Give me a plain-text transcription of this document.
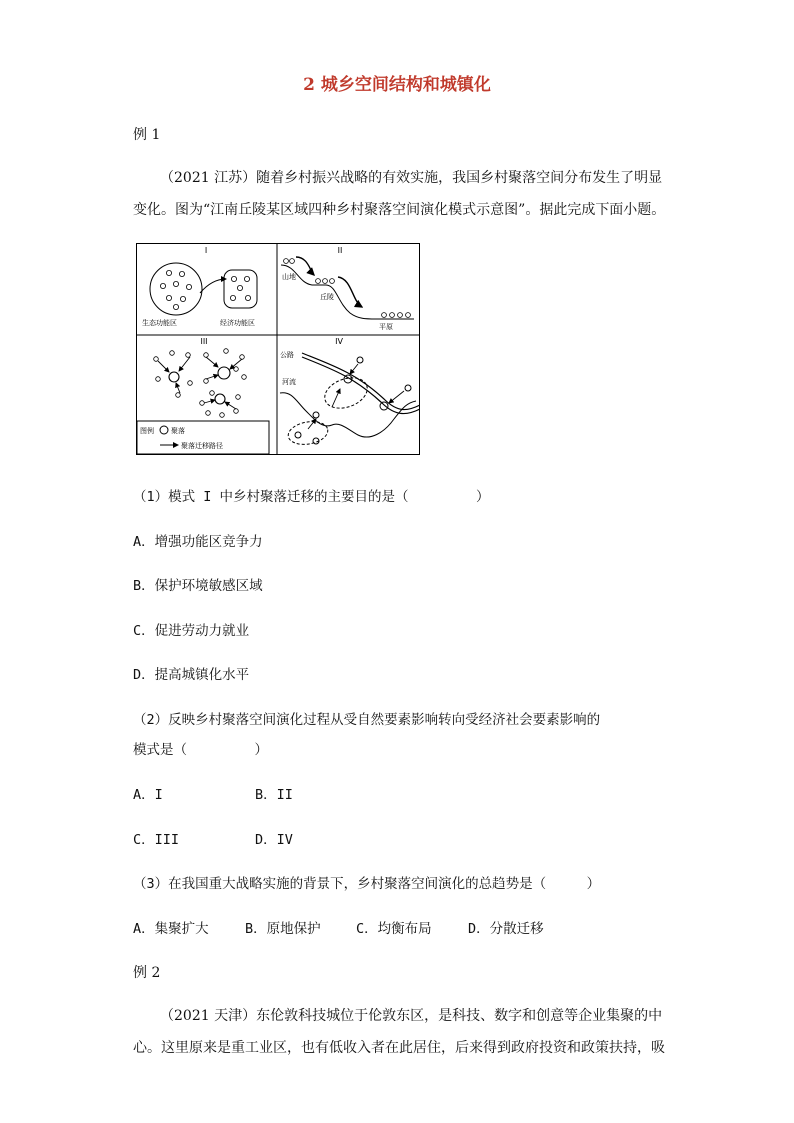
2 城乡空间结构和城镇化
例 1
（2021 江苏）随着乡村振兴战略的有效实施，我国乡村聚落空间分布发生了明显
变化。图为“江南丘陵某区域四种乡村聚落空间演化模式示意图”。据此完成下面小题。
I	II
III	IV
生态功能区	经济功能区
山地
丘陵
平原
图例 聚落
聚落迁移路径
公路
河流
（1）模式 I 中乡村聚落迁移的主要目的是（　　　　　）
A．增强功能区竞争力
B．保护环境敏感区域
C．促进劳动力就业
D．提高城镇化水平
（2）反映乡村聚落空间演化过程从受自然要素影响转向受经济社会要素影响的
模式是（　　　　　）
A．I	B．II
C．III	D．IV
（3）在我国重大战略实施的背景下，乡村聚落空间演化的总趋势是（　　　）
A．集聚扩大	B．原地保护	C．均衡布局	D．分散迁移
例 2
（2021 天津）东伦敦科技城位于伦敦东区，是科技、数字和创意等企业集聚的中
心。这里原来是重工业区，也有低收入者在此居住，后来得到政府投资和政策扶持，吸
